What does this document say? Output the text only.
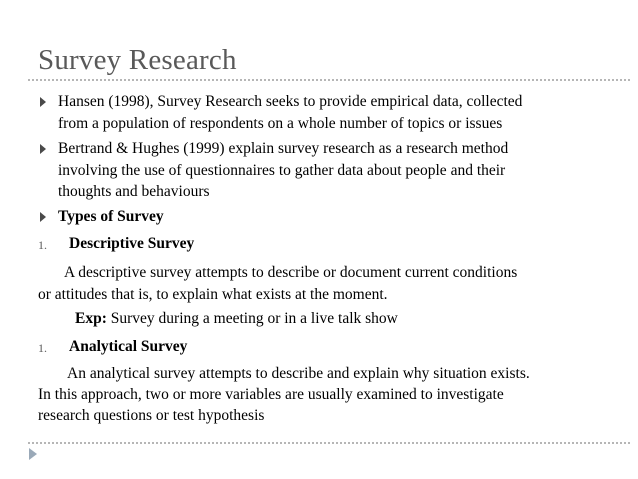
Survey Research
Hansen (1998), Survey Research seeks to provide empirical data, collected
from a population of respondents on a whole number of topics or issues
Bertrand & Hughes (1999) explain survey research as a research method
involving the use of questionnaires to gather data about people and their
thoughts and behaviours
Types of Survey
1. Descriptive Survey
A descriptive survey attempts to describe or document current conditions
or attitudes that is, to explain what exists at the moment.
Exp: Survey during a meeting or in a live talk show
1. Analytical Survey
An analytical survey attempts to describe and explain why situation exists.
In this approach, two or more variables are usually examined to investigate
research questions or test hypothesis
